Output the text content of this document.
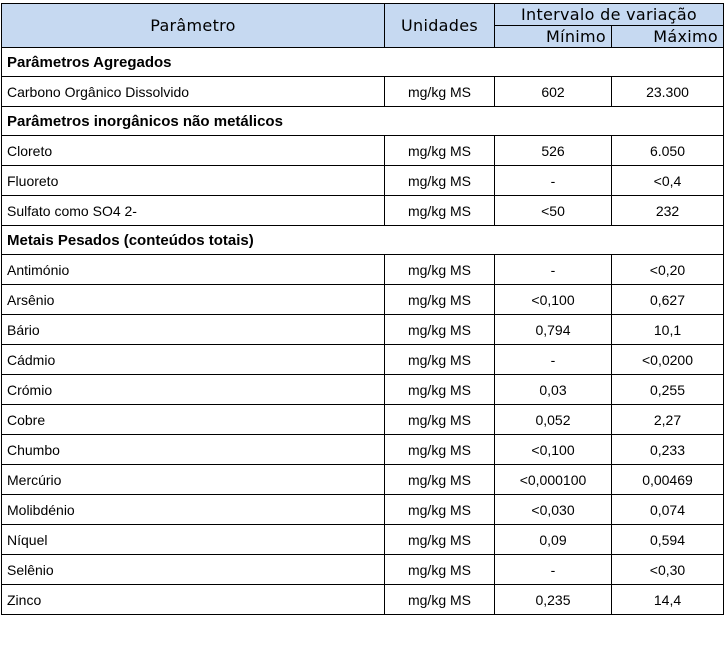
Parâmetro	Unidades	Intervalo de variação	
		Mínimo	Máximo
Parâmetros Agregados			
Carbono Orgânico Dissolvido	mg/kg MS	602	23.300
Parâmetros inorgânicos não metálicos			
Cloreto	mg/kg MS	526	6.050
Fluoreto	mg/kg MS	-	<0,4
Sulfato como SO4 2-	mg/kg MS	<50	232
Metais Pesados (conteúdos totais)			
Antimónio	mg/kg MS	-	<0,20
Arsênio	mg/kg MS	<0,100	0,627
Bário	mg/kg MS	0,794	10,1
Cádmio	mg/kg MS	-	<0,0200
Crómio	mg/kg MS	0,03	0,255
Cobre	mg/kg MS	0,052	2,27
Chumbo	mg/kg MS	<0,100	0,233
Mercúrio	mg/kg MS	<0,000100	0,00469
Molibdénio	mg/kg MS	<0,030	0,074
Níquel	mg/kg MS	0,09	0,594
Selênio	mg/kg MS	-	<0,30
Zinco	mg/kg MS	0,235	14,4
